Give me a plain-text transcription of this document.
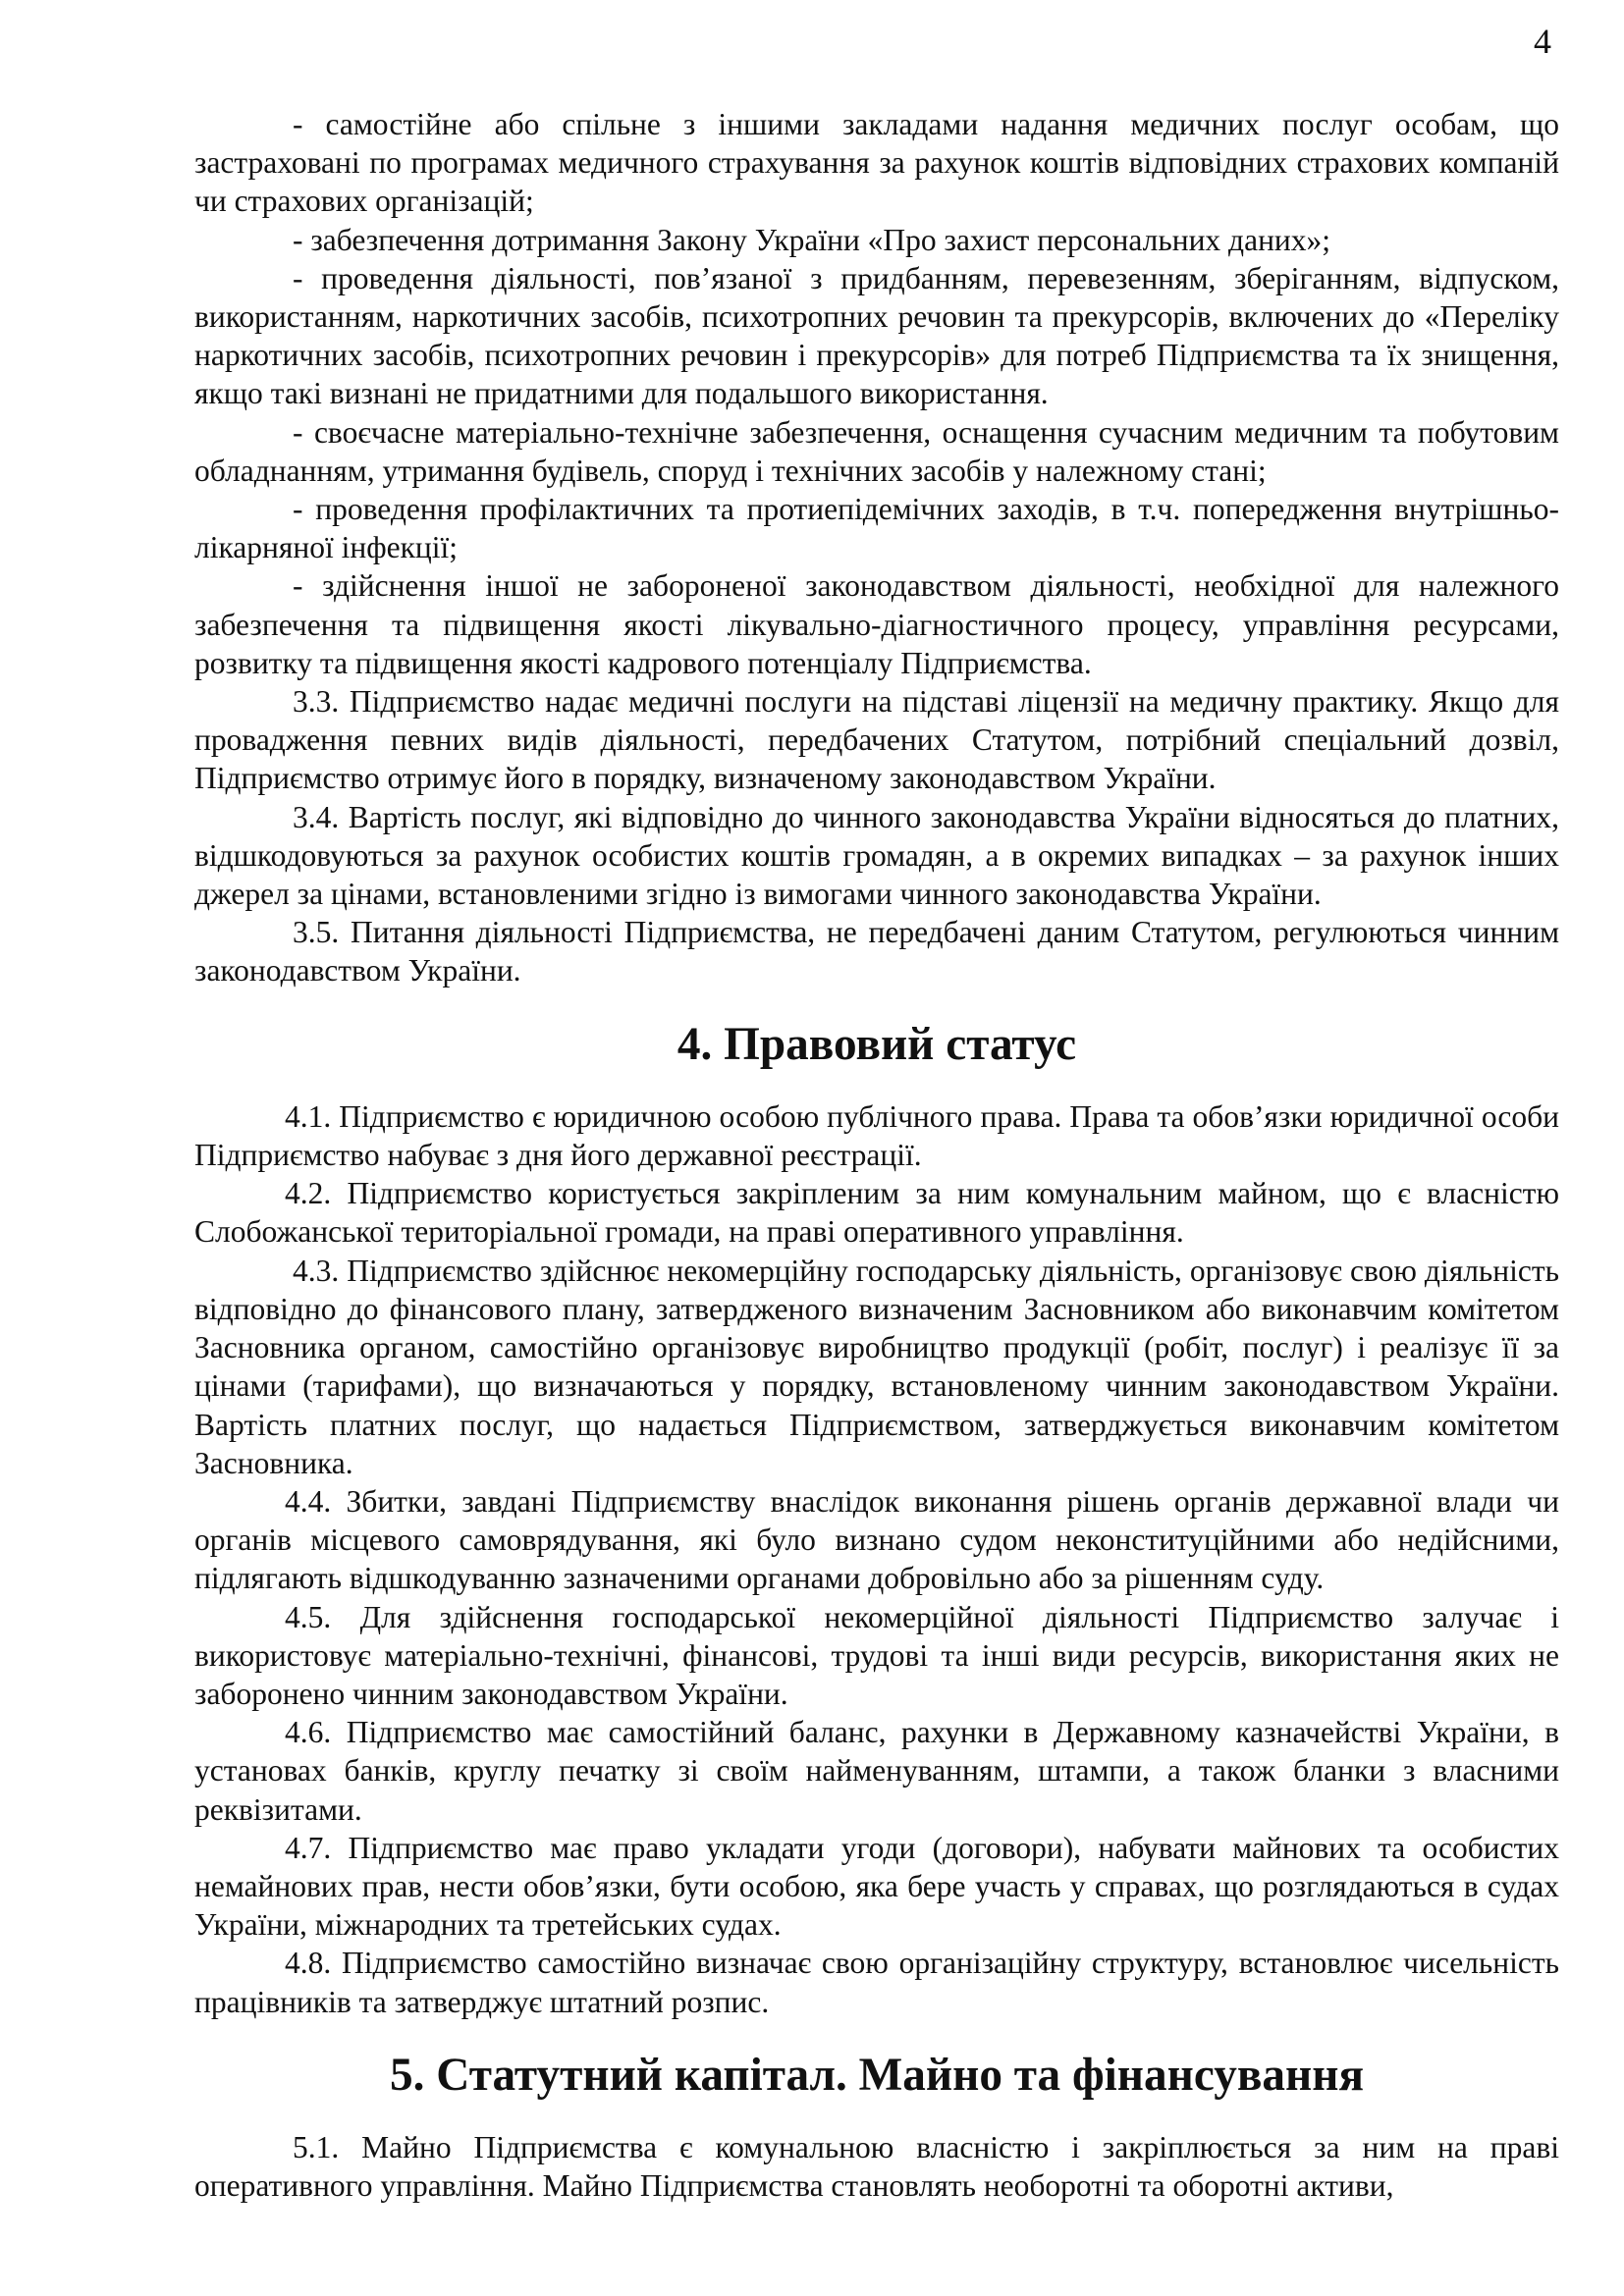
4

- самостійне або спільне з іншими закладами надання медичних послуг особам, що застраховані по програмах медичного страхування за рахунок коштів відповідних страхових компаній чи страхових організацій;

- забезпечення дотримання Закону України «Про захист персональних даних»;

- проведення діяльності, пов’язаної з придбанням, перевезенням, зберіганням, відпуском, використанням, наркотичних засобів, психотропних речовин та прекурсорів, включених до «Переліку наркотичних засобів, психотропних речовин і прекурсорів» для потреб Підприємства та їх знищення, якщо такі визнані не придатними для подальшого використання.

- своєчасне матеріально-технічне забезпечення, оснащення сучасним медичним та побутовим обладнанням, утримання будівель, споруд і технічних засобів у належному стані;

- проведення профілактичних та протиепідемічних заходів, в т.ч. попередження внутрішньо-лікарняної інфекції;

- здійснення іншої не забороненої законодавством діяльності, необхідної для належного забезпечення та підвищення якості лікувально-діагностичного процесу, управління ресурсами, розвитку та підвищення якості кадрового потенціалу Підприємства.

3.3. Підприємство надає медичні послуги на підставі ліцензії на медичну практику. Якщо для провадження певних видів діяльності, передбачених Статутом, потрібний спеціальний дозвіл, Підприємство отримує його в порядку, визначеному законодавством України.

3.4. Вартість послуг, які відповідно до чинного законодавства України відносяться до платних, відшкодовуються за рахунок особистих коштів громадян, а в окремих випадках – за рахунок інших джерел за цінами, встановленими згідно із вимогами чинного законодавства України.

3.5. Питання діяльності Підприємства, не передбачені даним Статутом, регулюються чинним законодавством України.

4. Правовий статус

4.1. Підприємство є юридичною особою публічного права. Права та обов’язки юридичної особи Підприємство набуває з дня його державної реєстрації.

4.2. Підприємство користується закріпленим за ним комунальним майном, що є власністю Слобожанської територіальної громади, на праві оперативного управління.

4.3. Підприємство здійснює некомерційну господарську діяльність, організовує свою діяльність відповідно до фінансового плану, затвердженого визначеним Засновником або виконавчим комітетом Засновника органом, самостійно організовує виробництво продукції (робіт, послуг) і реалізує її за цінами (тарифами), що визначаються у порядку, встановленому чинним законодавством України. Вартість платних послуг, що надається Підприємством, затверджується виконавчим комітетом Засновника.

4.4. Збитки, завдані Підприємству внаслідок виконання рішень органів державної влади чи органів місцевого самоврядування, які було визнано судом неконституційними або недійсними, підлягають відшкодуванню зазначеними органами добровільно або за рішенням суду.

4.5. Для здійснення господарської некомерційної діяльності Підприємство залучає і використовує матеріально-технічні, фінансові, трудові та інші види ресурсів, використання яких не заборонено чинним законодавством України.

4.6. Підприємство має самостійний баланс, рахунки в Державному казначействі України, в установах банків, круглу печатку зі своїм найменуванням, штампи, а також бланки з власними реквізитами.

4.7. Підприємство має право укладати угоди (договори), набувати майнових та особистих немайнових прав, нести обов’язки, бути особою, яка бере участь у справах, що розглядаються в судах України, міжнародних та третейських судах.

4.8. Підприємство самостійно визначає свою організаційну структуру, встановлює чисельність працівників та затверджує штатний розпис.

5. Статутний капітал. Майно та фінансування

5.1. Майно Підприємства є комунальною власністю і закріплюється за ним на праві оперативного управління. Майно Підприємства становлять необоротні та оборотні активи,
